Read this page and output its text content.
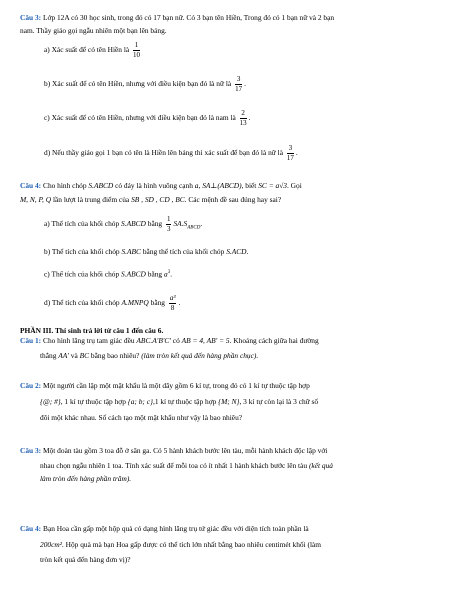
Câu 3: Lớp 12A có 30 học sinh, trong đó có 17 bạn nữ. Có 3 bạn tên Hiền, Trong đó có 1 bạn nữ và 2 bạn
nam. Thầy giáo gọi ngẫu nhiên một bạn lên bảng.
a) Xác suất để có tên Hiền là $\frac{1}{10}$
b) Xác suất để có tên Hiền, nhưng với điều kiện bạn đó là nữ là $\frac{3}{17}$ .
c) Xác suất để có tên Hiền, nhưng với điều kiện bạn đó là nam là $\frac{2}{13}$ .
d) Nếu thầy giáo gọi 1 bạn có tên là Hiền lên bảng thì xác suất để bạn đó là nữ là $\frac{3}{17}$ .
Câu 4: Cho hình chóp S.ABCD có đáy là hình vuông cạnh a, SA⊥(ABCD), biết SC = a√3. Gọi
M, N, P, Q lần lượt là trung điểm của SB , SD , CD , BC. Các mệnh đề sau đúng hay sai?
a) Thể tích của khối chóp S.ABCD bằng $\frac{1}{3} SA.S_{ABCD}$.
b) Thể tích của khối chóp S.ABC bằng thể tích của khối chóp S.ACD.
c) Thể tích của khối chóp S.ABCD bằng $a^3$.
d) Thể tích của khối chóp A.MNPQ bằng $\frac{\text{a³}}{8}$ .
PHẦN III. Thí sinh trả lời từ câu 1 đến câu 6.
Câu 1: Cho hình lăng trụ tam giác đều ABC.A'B'C' có AB = 4, AB' = 5. Khoảng cách giữa hai đường
thẳng AA' và BC bằng bao nhiêu? (làm tròn kết quả đến hàng phần chục).
Câu 2: Một người cần lập một mật khẩu là một dãy gồm 6 kí tự, trong đó có 1 kí tự thuộc tập hợp
{@; #}, 1 kí tự thuộc tập hợp {a; b; c},1 kí tự thuộc tập hợp {M; N}, 3 kí tự còn lại là 3 chữ số
đôi một khác nhau. Số cách tạo một mật khẩu như vậy là bao nhiêu?
Câu 3: Một đoàn tàu gồm 3 toa đỗ ở sân ga. Có 5 hành khách bước lên tàu, mỗi hành khách độc lập với
nhau chọn ngẫu nhiên 1 toa. Tính xác suất để mỗi toa có ít nhất 1 hành khách bước lên tàu (kết quả
làm tròn đến hàng phần trăm).
Câu 4: Bạn Hoa cần gấp một hộp quà có dạng hình lăng trụ tứ giác đều với diện tích toàn phần là
200cm². Hộp quà mà bạn Hoa gấp được có thể tích lớn nhất bằng bao nhiêu centimét khối (làm
tròn kết quả đến hàng đơn vị)?
